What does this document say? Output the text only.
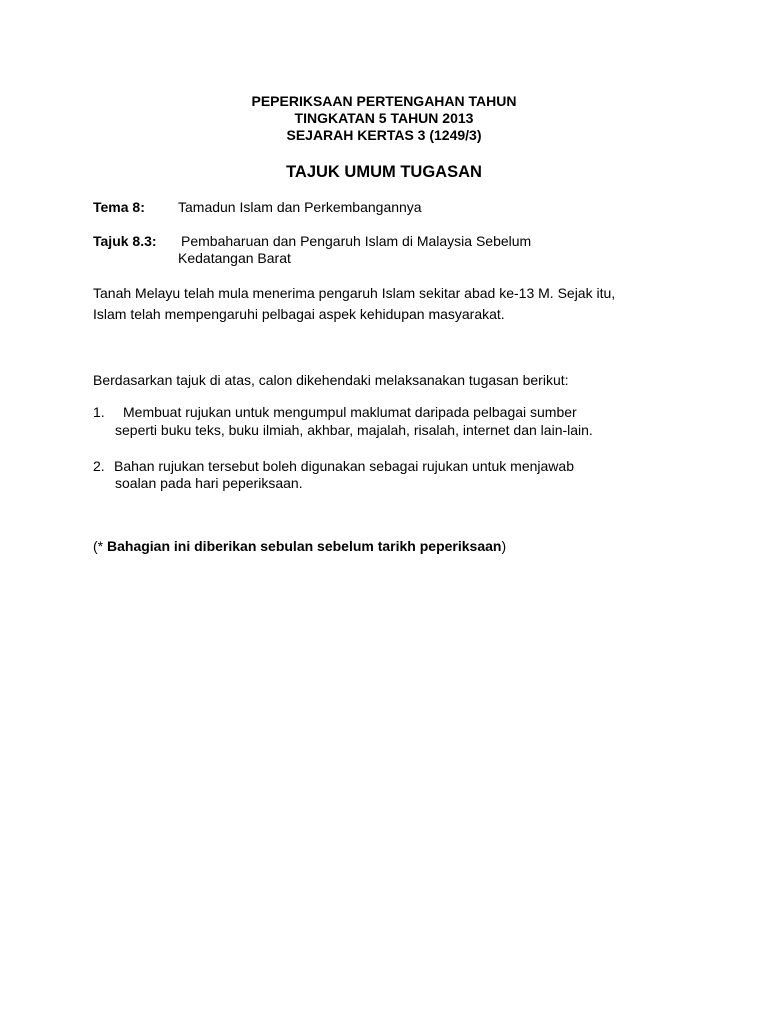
PEPERIKSAAN PERTENGAHAN TAHUN
TINGKATAN 5 TAHUN 2013
SEJARAH KERTAS 3 (1249/3)
TAJUK UMUM TUGASAN
Tema 8: Tamadun Islam dan Perkembangannya
Tajuk 8.3: Pembaharuan dan Pengaruh Islam di Malaysia Sebelum
Kedatangan Barat
Tanah Melayu telah mula menerima pengaruh Islam sekitar abad ke-13 M. Sejak itu,
Islam telah mempengaruhi pelbagai aspek kehidupan masyarakat.
Berdasarkan tajuk di atas, calon dikehendaki melaksanakan tugasan berikut:
1. Membuat rujukan untuk mengumpul maklumat daripada pelbagai sumber
seperti buku teks, buku ilmiah, akhbar, majalah, risalah, internet dan lain-lain.
2. Bahan rujukan tersebut boleh digunakan sebagai rujukan untuk menjawab
soalan pada hari peperiksaan.
(* Bahagian ini diberikan sebulan sebelum tarikh peperiksaan)
